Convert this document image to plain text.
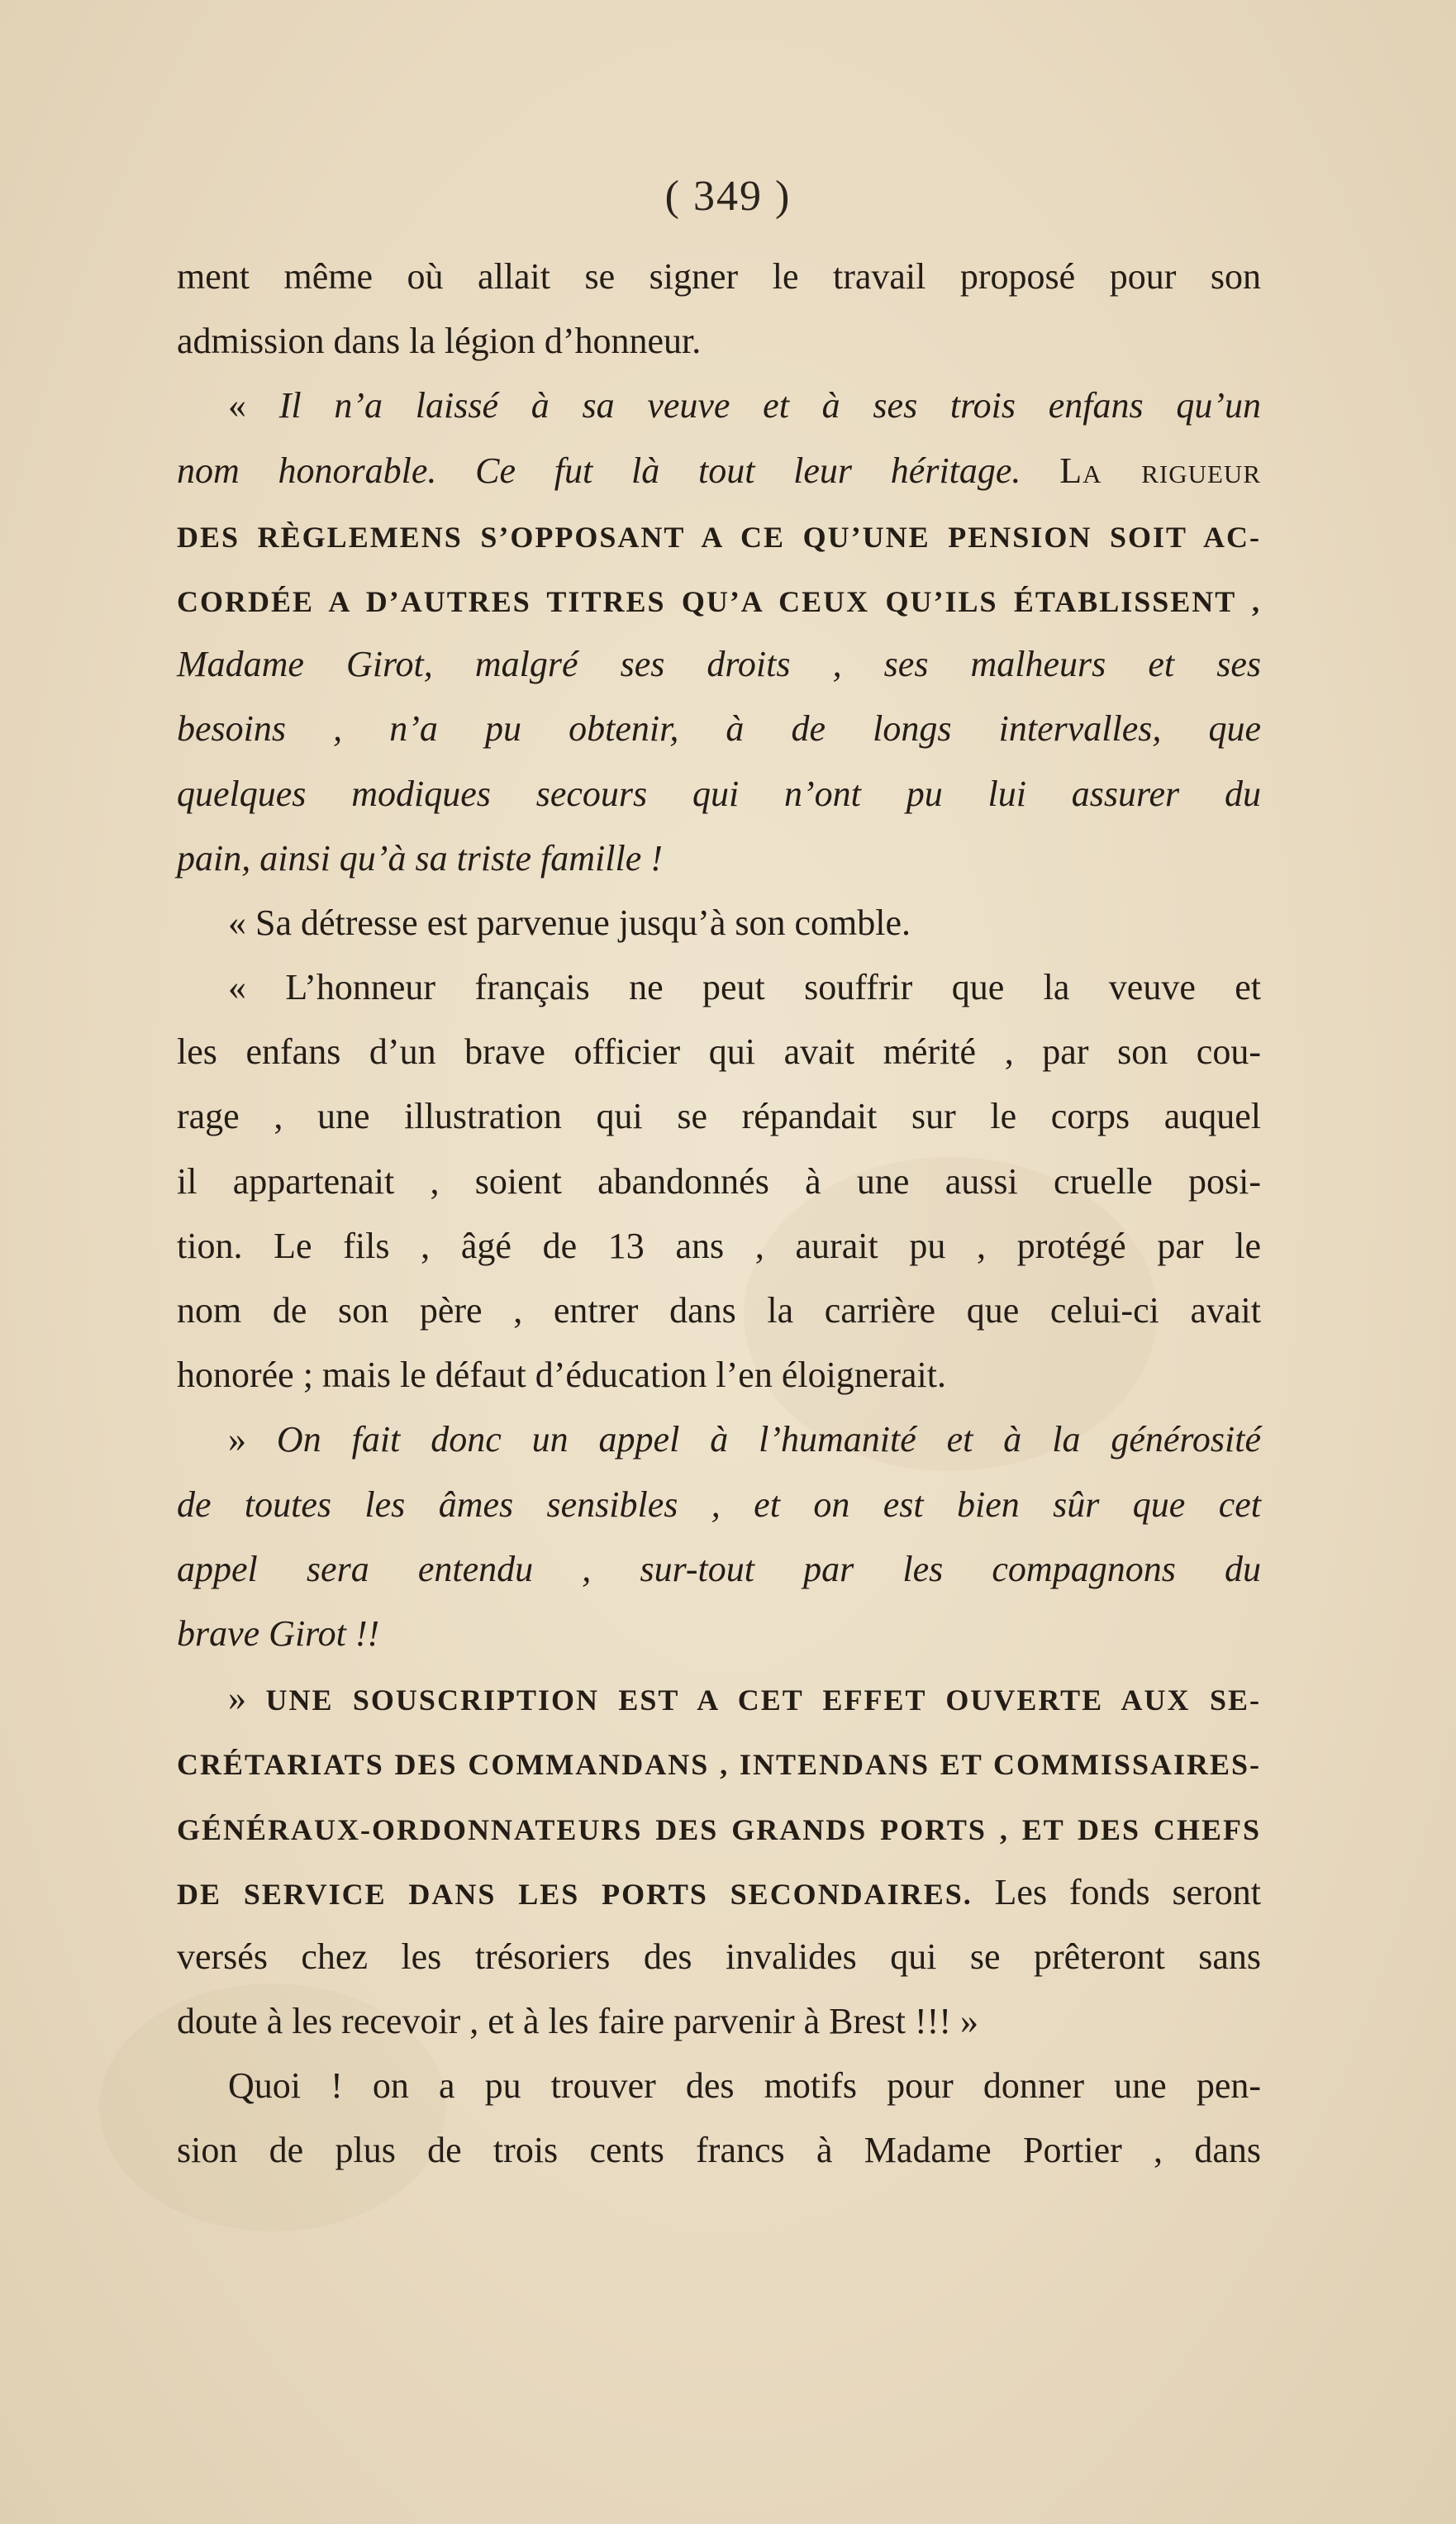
( 349 )
ment même où allait se signer le travail proposé pour son
admission dans la légion d’honneur.
« Il n’a laissé à sa veuve et à ses trois enfans qu’un
nom honorable. Ce fut là tout leur héritage. La rigueur
DES RÈGLEMENS S’OPPOSANT A CE QU’UNE PENSION SOIT AC-
CORDÉE A D’AUTRES TITRES QU’A CEUX QU’ILS ÉTABLISSENT ,
Madame Girot, malgré ses droits , ses malheurs et ses
besoins , n’a pu obtenir, à de longs intervalles, que
quelques modiques secours qui n’ont pu lui assurer du
pain, ainsi qu’à sa triste famille !
« Sa détresse est parvenue jusqu’à son comble.
« L’honneur français ne peut souffrir que la veuve et
les enfans d’un brave officier qui avait mérité , par son cou-
rage , une illustration qui se répandait sur le corps auquel
il appartenait , soient abandonnés à une aussi cruelle posi-
tion. Le fils , âgé de 13 ans , aurait pu , protégé par le
nom de son père , entrer dans la carrière que celui-ci avait
honorée ; mais le défaut d’éducation l’en éloignerait.
» On fait donc un appel à l’humanité et à la générosité
de toutes les âmes sensibles , et on est bien sûr que cet
appel sera entendu , sur-tout par les compagnons du
brave Girot !!
» UNE SOUSCRIPTION EST A CET EFFET OUVERTE AUX SE-
CRÉTARIATS DES COMMANDANS , INTENDANS ET COMMISSAIRES-
GÉNÉRAUX-ORDONNATEURS DES GRANDS PORTS , ET DES CHEFS
DE SERVICE DANS LES PORTS SECONDAIRES. Les fonds seront
versés chez les trésoriers des invalides qui se prêteront sans
doute à les recevoir , et à les faire parvenir à Brest !!! »
Quoi ! on a pu trouver des motifs pour donner une pen-
sion de plus de trois cents francs à Madame Portier , dans
